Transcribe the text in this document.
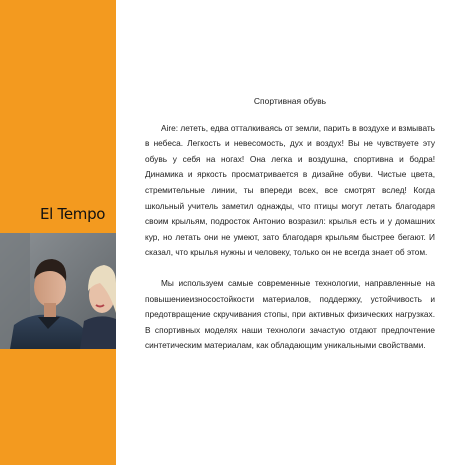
El Tempo

Спортивная обувь

Aire: лететь, едва отталкиваясь от земли, парить в воздухе и взмывать в небеса. Легкость и невесомость, дух и воздух! Вы не чувствуете эту обувь у себя на ногах! Она легка и воздушна, спортивна и бодра! Динамика и яркость просматривается в дизайне обуви. Чистые цвета, стремительные линии, ты впереди всех, все смотрят вслед! Когда школьный учитель заметил однажды, что птицы могут летать благодаря своим крыльям, подросток Антонио возразил: крылья есть и у домашних кур, но летать они не умеют, зато благодаря крыльям быстрее бегают. И сказал, что крылья нужны и человеку, только он не всегда знает об этом.

Мы используем самые современные технологии, направленные на повышениеизносостойкости материалов, поддержку, устойчивость и предотвращение скручивания стопы, при активных физических нагрузках. В спортивных моделях наши технологи зачастую отдают предпочтение синтетическим материалам, как обладающим уникальными свойствами.
